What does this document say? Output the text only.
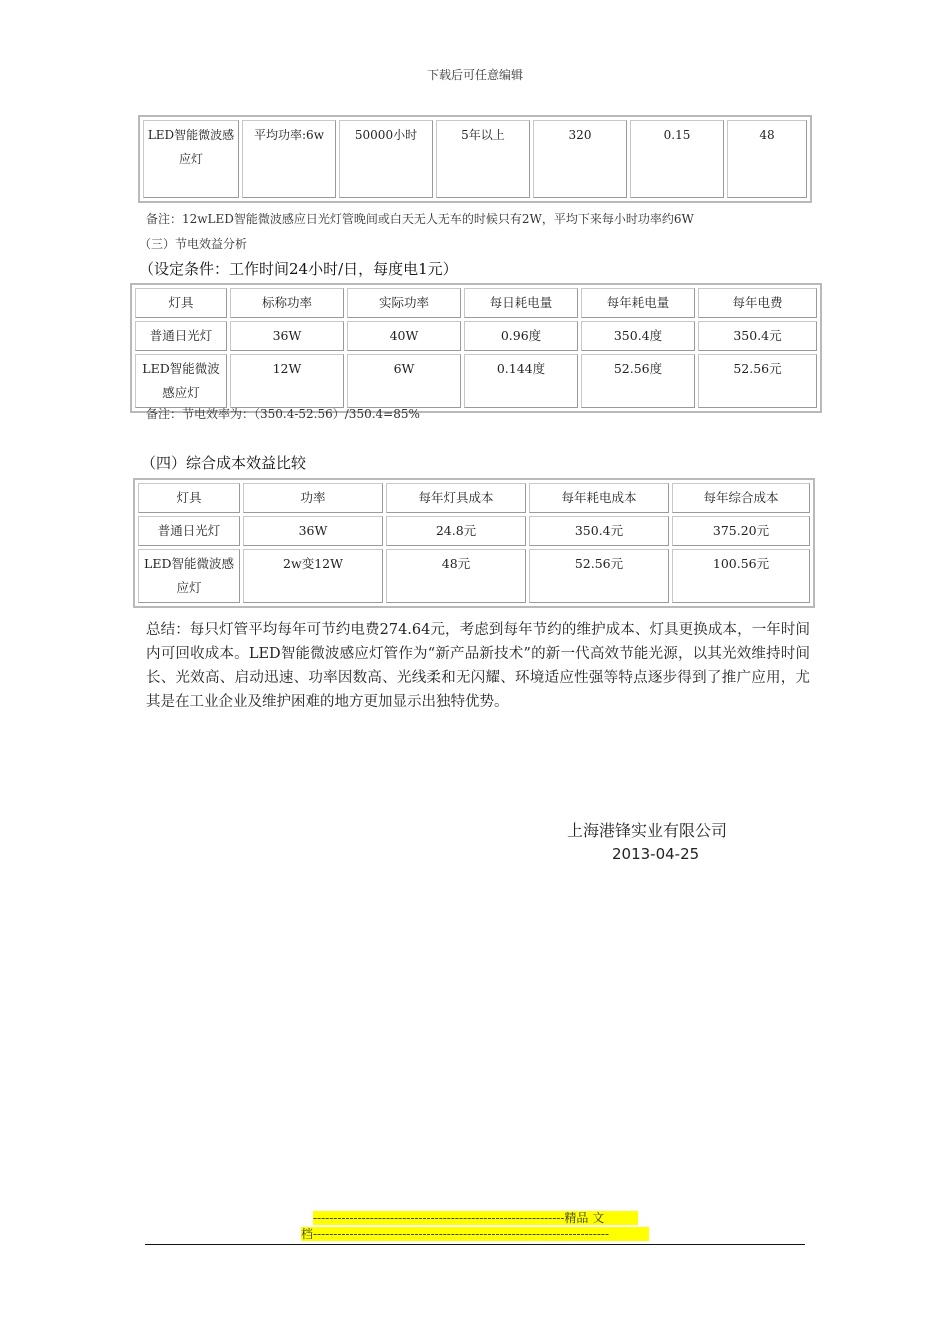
下载后可任意编辑
LED智能微波感应灯	平均功率:6w	50000小时	5年以上	320	0.15	48
备注：12wLED智能微波感应日光灯管晚间或白天无人无车的时候只有2W，平均下来每小时功率约6W
（三）节电效益分析
（设定条件：工作时间24小时/日，每度电1元）
灯具	标称功率	实际功率	每日耗电量	每年耗电量	每年电费
普通日光灯	36W	40W	0.96度	350.4度	350.4元
LED智能微波感应灯	12W	6W	0.144度	52.56度	52.56元
备注：节电效率为：（350.4-52.56）/350.4=85%
（四）综合成本效益比较
灯具	功率	每年灯具成本	每年耗电成本	每年综合成本
普通日光灯	36W	24.8元	350.4元	375.20元
LED智能微波感应灯	2w变12W	48元	52.56元	100.56元
总结：每只灯管平均每年可节约电费274.64元，考虑到每年节约的维护成本、灯具更换成本，一年时间内可回收成本。LED智能微波感应灯管作为“新产品新技术”的新一代高效节能光源，以其光效维持时间长、光效高、启动迅速、功率因数高、光线柔和无闪耀、环境适应性强等特点逐步得到了推广应用，尤其是在工业企业及维护困难的地方更加显示出独特优势。
上海港锋实业有限公司
2013-04-25
--------------------------------------------------------------精品 文
档-------------------------------------------------------------------------
